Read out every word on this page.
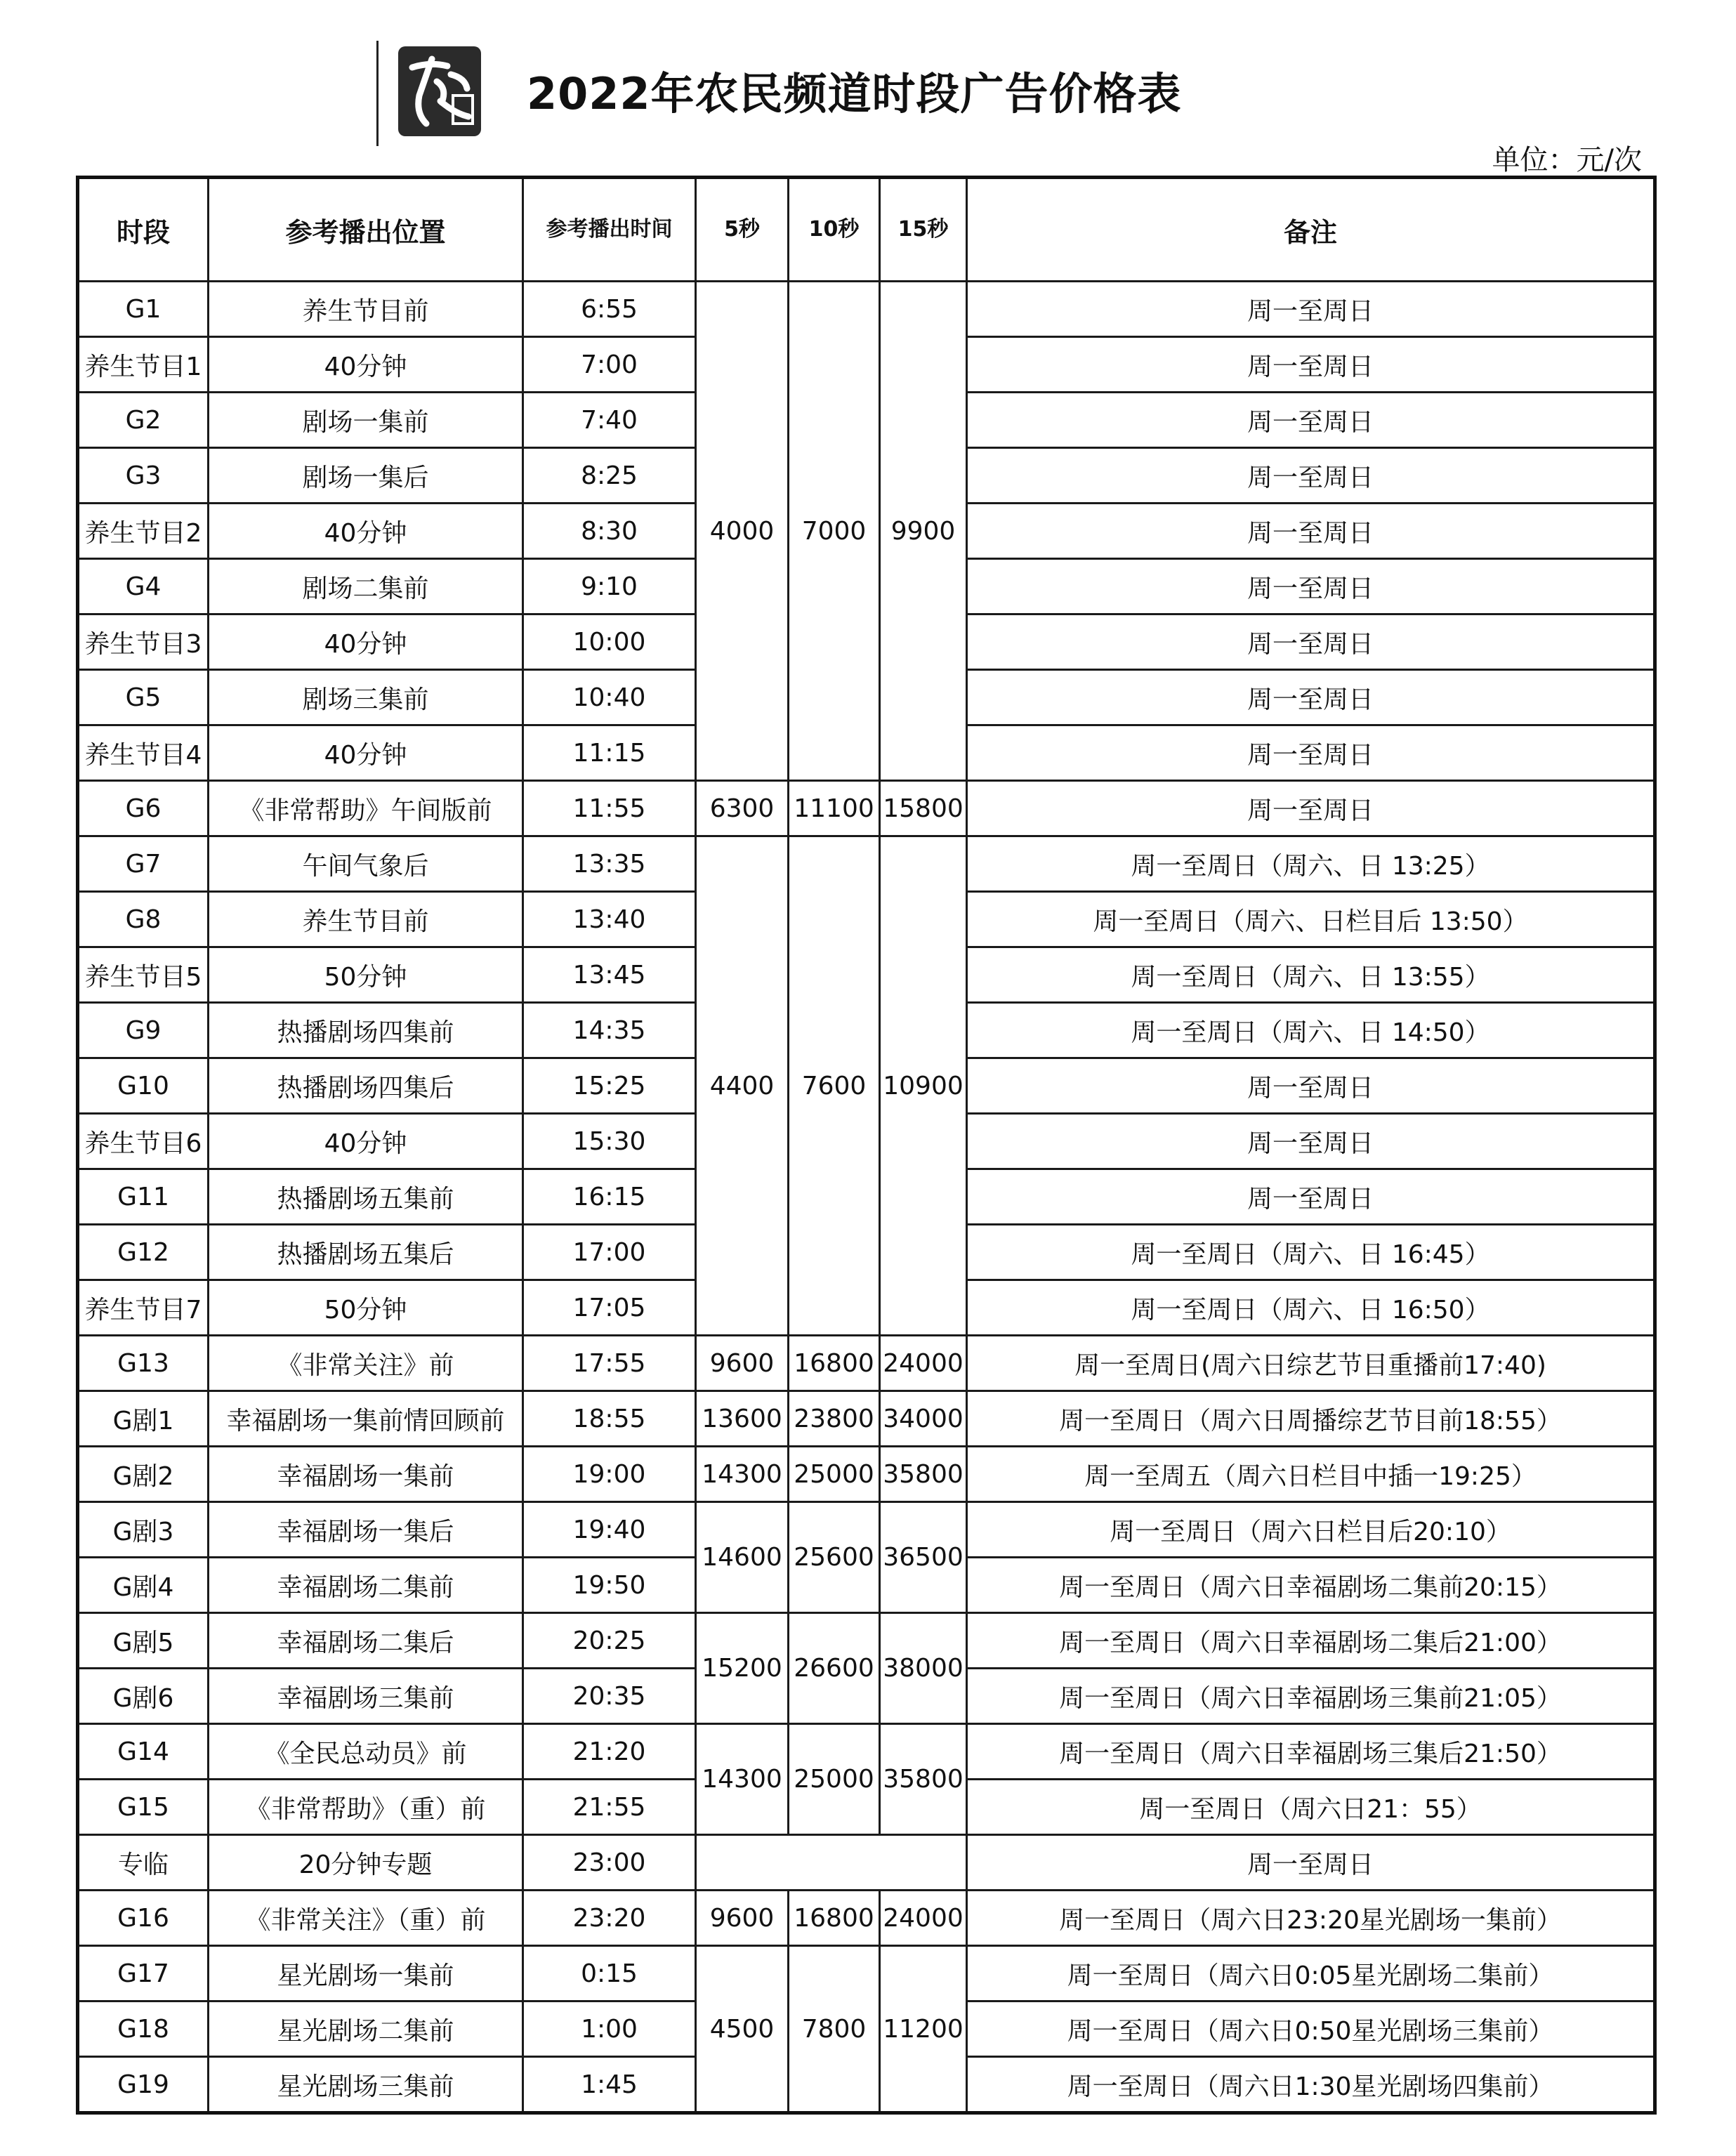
2022年农民频道时段广告价格表
单位：元/次
时段	参考播出位置	参考播出时间	5秒	10秒	15秒	备注
G1	养生节目前	6:55	4000	7000	9900	周一至周日
养生节目1	40分钟	7:00				周一至周日
G2	剧场一集前	7:40				周一至周日
G3	剧场一集后	8:25				周一至周日
养生节目2	40分钟	8:30				周一至周日
G4	剧场二集前	9:10				周一至周日
养生节目3	40分钟	10:00				周一至周日
G5	剧场三集前	10:40				周一至周日
养生节目4	40分钟	11:15				周一至周日
G6	《非常帮助》午间版前	11:55	6300	11100	15800	周一至周日
G7	午间气象后	13:35	4400	7600	10900	周一至周日（周六、日 13:25）
G8	养生节目前	13:40				周一至周日（周六、日栏目后 13:50）
养生节目5	50分钟	13:45				周一至周日（周六、日 13:55）
G9	热播剧场四集前	14:35				周一至周日（周六、日 14:50）
G10	热播剧场四集后	15:25				周一至周日
养生节目6	40分钟	15:30				周一至周日
G11	热播剧场五集前	16:15				周一至周日
G12	热播剧场五集后	17:00				周一至周日（周六、日 16:45）
养生节目7	50分钟	17:05				周一至周日（周六、日 16:50）
G13	《非常关注》前	17:55	9600	16800	24000	周一至周日(周六日综艺节目重播前17:40)
G剧1	幸福剧场一集前情回顾前	18:55	13600	23800	34000	周一至周日（周六日周播综艺节目前18:55）
G剧2	幸福剧场一集前	19:00	14300	25000	35800	周一至周五（周六日栏目中插一19:25）
G剧3	幸福剧场一集后	19:40	14600	25600	36500	周一至周日（周六日栏目后20:10）
G剧4	幸福剧场二集前	19:50				周一至周日（周六日幸福剧场二集前20:15）
G剧5	幸福剧场二集后	20:25	15200	26600	38000	周一至周日（周六日幸福剧场二集后21:00）
G剧6	幸福剧场三集前	20:35				周一至周日（周六日幸福剧场三集前21:05）
G14	《全民总动员》前	21:20	14300	25000	35800	周一至周日（周六日幸福剧场三集后21:50）
G15	《非常帮助》（重）前	21:55				周一至周日（周六日21：55）
专临	20分钟专题	23:00				周一至周日
G16	《非常关注》（重）前	23:20	9600	16800	24000	周一至周日（周六日23:20星光剧场一集前）
G17	星光剧场一集前	0:15	4500	7800	11200	周一至周日（周六日0:05星光剧场二集前）
G18	星光剧场二集前	1:00				周一至周日（周六日0:50星光剧场三集前）
G19	星光剧场三集前	1:45				周一至周日（周六日1:30星光剧场四集前）
